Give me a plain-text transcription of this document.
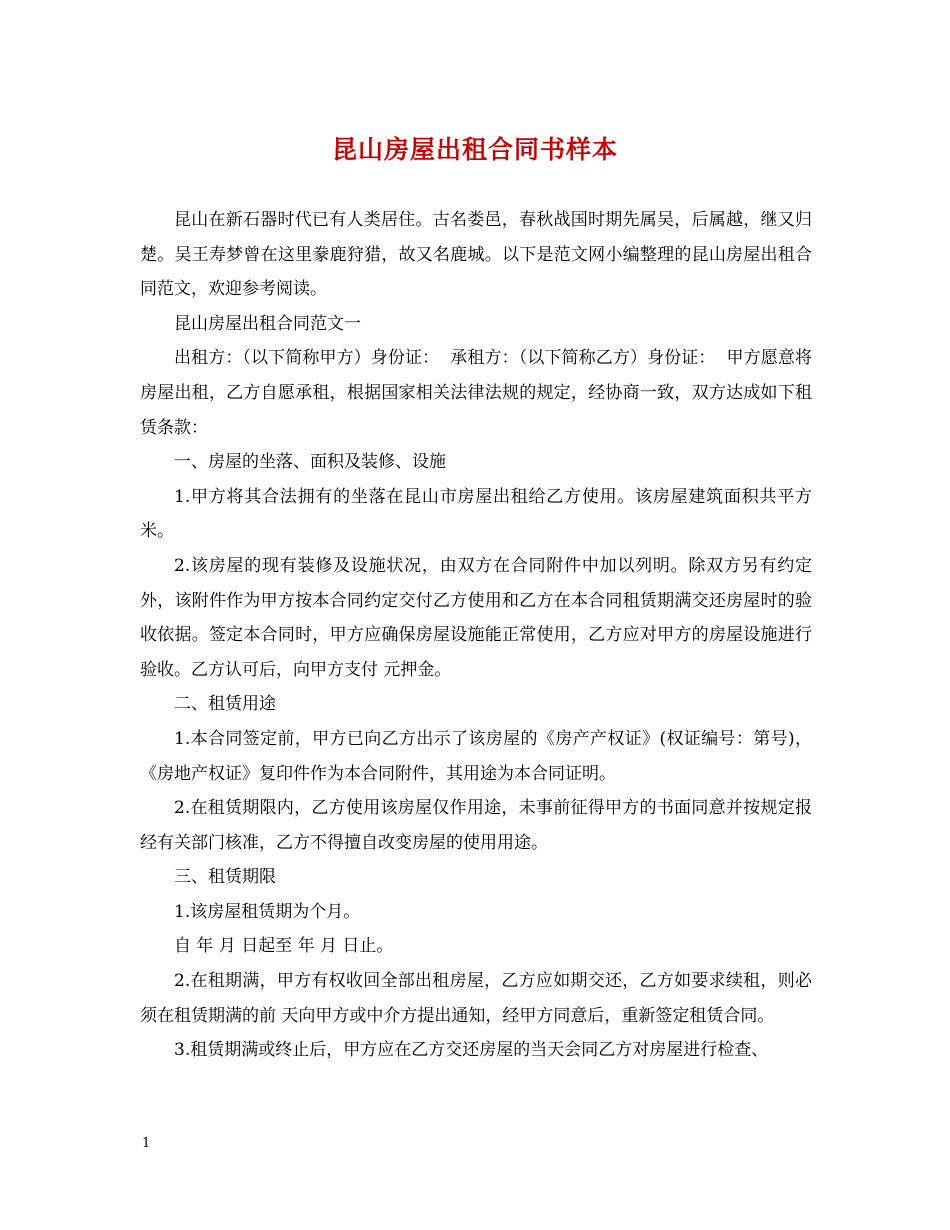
昆山房屋出租合同书样本

昆山在新石器时代已有人类居住。古名娄邑，春秋战国时期先属吴，后属越，继又归楚。吴王寿梦曾在这里豢鹿狩猎，故又名鹿城。以下是范文网小编整理的昆山房屋出租合同范文，欢迎参考阅读。

昆山房屋出租合同范文一

出租方：（以下简称甲方）身份证：  承租方：（以下简称乙方）身份证：  甲方愿意将房屋出租，乙方自愿承租，根据国家相关法律法规的规定，经协商一致，双方达成如下租赁条款：

一、房屋的坐落、面积及装修、设施

1.甲方将其合法拥有的坐落在昆山市房屋出租给乙方使用。该房屋建筑面积共平方米。

2.该房屋的现有装修及设施状况，由双方在合同附件中加以列明。除双方另有约定外，该附件作为甲方按本合同约定交付乙方使用和乙方在本合同租赁期满交还房屋时的验收依据。签定本合同时，甲方应确保房屋设施能正常使用，乙方应对甲方的房屋设施进行验收。乙方认可后，向甲方支付 元押金。

二、租赁用途

1.本合同签定前，甲方已向乙方出示了该房屋的《房产产权证》(权证编号：第号)，《房地产权证》复印件作为本合同附件，其用途为本合同证明。

2.在租赁期限内，乙方使用该房屋仅作用途，未事前征得甲方的书面同意并按规定报经有关部门核准，乙方不得擅自改变房屋的使用用途。

三、租赁期限

1.该房屋租赁期为个月。

自 年 月 日起至 年 月 日止。

2.在租期满，甲方有权收回全部出租房屋，乙方应如期交还，乙方如要求续租，则必须在租赁期满的前 天向甲方或中介方提出通知，经甲方同意后，重新签定租赁合同。

3.租赁期满或终止后，甲方应在乙方交还房屋的当天会同乙方对房屋进行检查、

1
